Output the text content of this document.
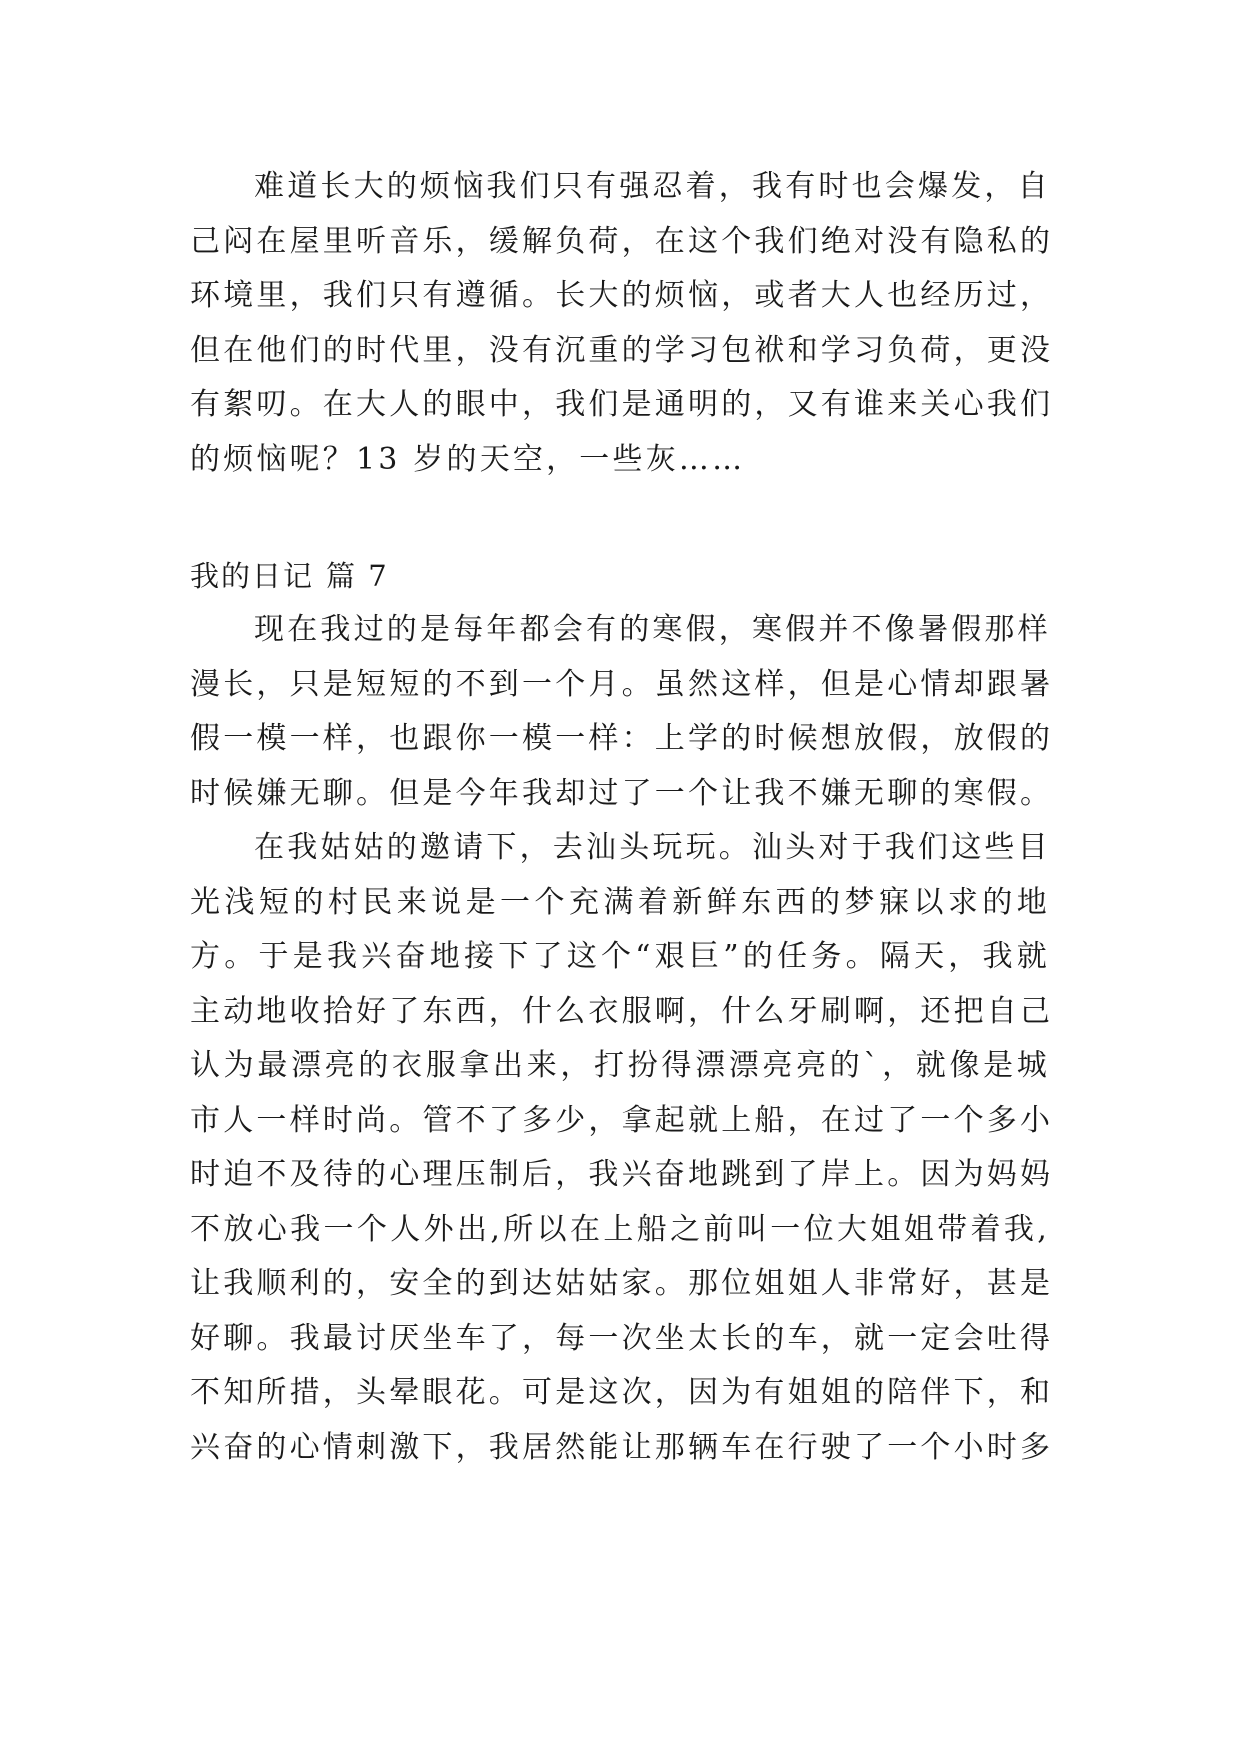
难道长大的烦恼我们只有强忍着，我有时也会爆发，自
己闷在屋里听音乐，缓解负荷，在这个我们绝对没有隐私的
环境里，我们只有遵循。长大的烦恼，或者大人也经历过，
但在他们的时代里，没有沉重的学习包袱和学习负荷，更没
有絮叨。在大人的眼中，我们是通明的，又有谁来关心我们
的烦恼呢？13 岁的天空，一些灰……
我的日记 篇 7
现在我过的是每年都会有的寒假，寒假并不像暑假那样
漫长，只是短短的不到一个月。虽然这样，但是心情却跟暑
假一模一样，也跟你一模一样：上学的时候想放假，放假的
时候嫌无聊。但是今年我却过了一个让我不嫌无聊的寒假。
在我姑姑的邀请下，去汕头玩玩。汕头对于我们这些目
光浅短的村民来说是一个充满着新鲜东西的梦寐以求的地
方。于是我兴奋地接下了这个“艰巨”的任务。隔天，我就
主动地收拾好了东西，什么衣服啊，什么牙刷啊，还把自己
认为最漂亮的衣服拿出来，打扮得漂漂亮亮的`，就像是城
市人一样时尚。管不了多少，拿起就上船，在过了一个多小
时迫不及待的心理压制后，我兴奋地跳到了岸上。因为妈妈
不放心我一个人外出,所以在上船之前叫一位大姐姐带着我,
让我顺利的，安全的到达姑姑家。那位姐姐人非常好，甚是
好聊。我最讨厌坐车了，每一次坐太长的车，就一定会吐得
不知所措，头晕眼花。可是这次，因为有姐姐的陪伴下，和
兴奋的心情刺激下，我居然能让那辆车在行驶了一个小时多
